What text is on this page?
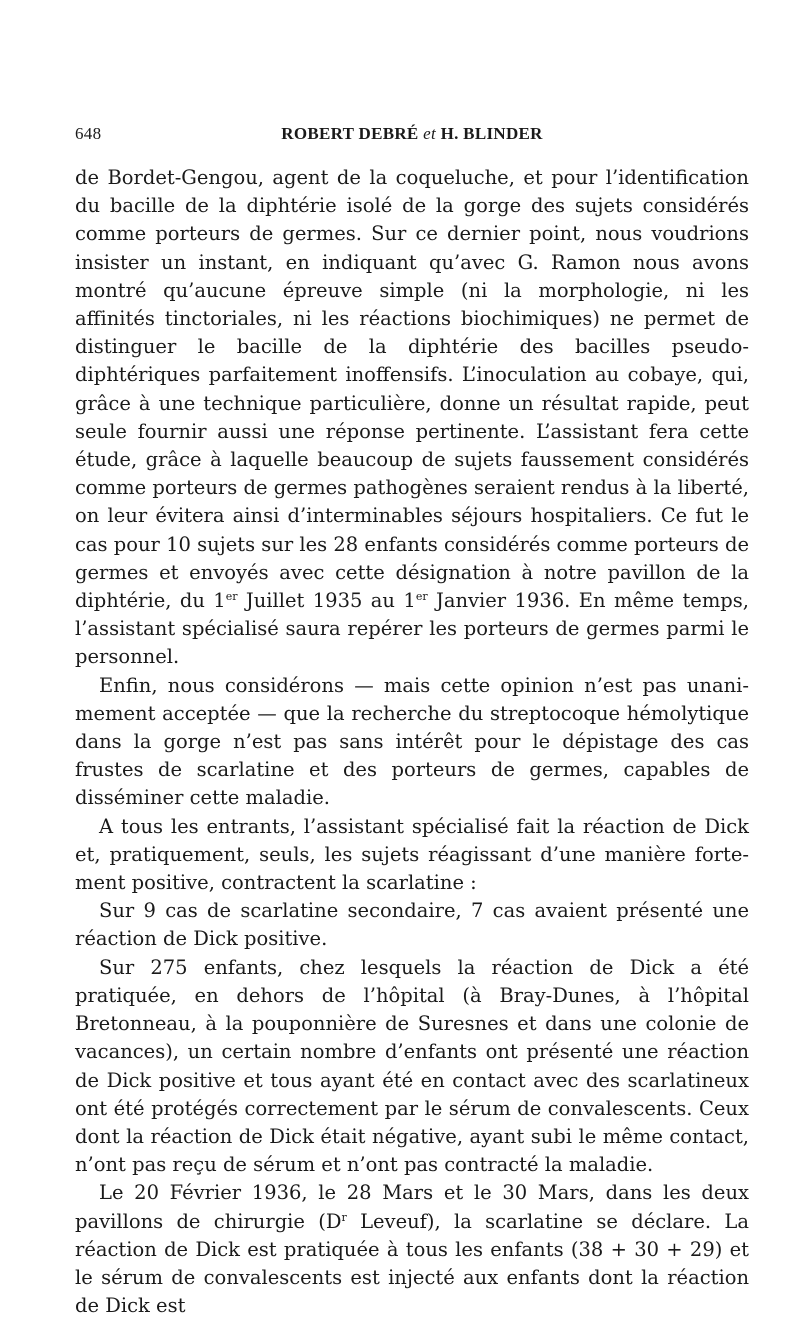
648	ROBERT DEBRÉ et H. BLINDER

de Bordet-Gengou, agent de la coqueluche, et pour l’identification du bacille de la diphtérie isolé de la gorge des sujets considérés comme porteurs de germes. Sur ce dernier point, nous voudrions insister un instant, en indiquant qu’avec G. Ramon nous avons montré qu’aucune épreuve simple (ni la morphologie, ni les affinités tinctoriales, ni les réactions biochimiques) ne permet de distinguer le bacille de la diphtérie des bacilles pseudo-diphtériques parfaitement inoffensifs. L’inoculation au cobaye, qui, grâce à une technique particulière, donne un résultat rapide, peut seule fournir aussi une réponse pertinente. L’assistant fera cette étude, grâce à laquelle beaucoup de sujets faussement considérés comme porteurs de germes pathogènes seraient rendus à la liberté, on leur évitera ainsi d’interminables séjours hospitaliers. Ce fut le cas pour 10 sujets sur les 28 enfants considérés comme porteurs de germes et envoyés avec cette désignation à notre pavillon de la diphtérie, du 1er Juillet 1935 au 1er Janvier 1936. En même temps, l’assistant spécialisé saura repérer les porteurs de germes parmi le personnel.

Enfin, nous considérons — mais cette opinion n’est pas unanimement acceptée — que la recherche du streptocoque hémolytique dans la gorge n’est pas sans intérêt pour le dépistage des cas frustes de scarlatine et des porteurs de germes, capables de disséminer cette maladie.

A tous les entrants, l’assistant spécialisé fait la réaction de Dick et, pratiquement, seuls, les sujets réagissant d’une manière fortement positive, contractent la scarlatine :

Sur 9 cas de scarlatine secondaire, 7 cas avaient présenté une réaction de Dick positive.

Sur 275 enfants, chez lesquels la réaction de Dick a été pratiquée, en dehors de l’hôpital (à Bray-Dunes, à l’hôpital Bretonneau, à la pouponnière de Suresnes et dans une colonie de vacances), un certain nombre d’enfants ont présenté une réaction de Dick positive et tous ayant été en contact avec des scarlatineux ont été protégés correctement par le sérum de convalescents. Ceux dont la réaction de Dick était négative, ayant subi le même contact, n’ont pas reçu de sérum et n’ont pas contracté la maladie.

Le 20 Février 1936, le 28 Mars et le 30 Mars, dans les deux pavillons de chirurgie ($D^r$ Leveuf), la scarlatine se déclare. La réaction de Dick est pratiquée à tous les enfants (38 + 30 + 29) et le sérum de convalescents est injecté aux enfants dont la réaction de Dick est
